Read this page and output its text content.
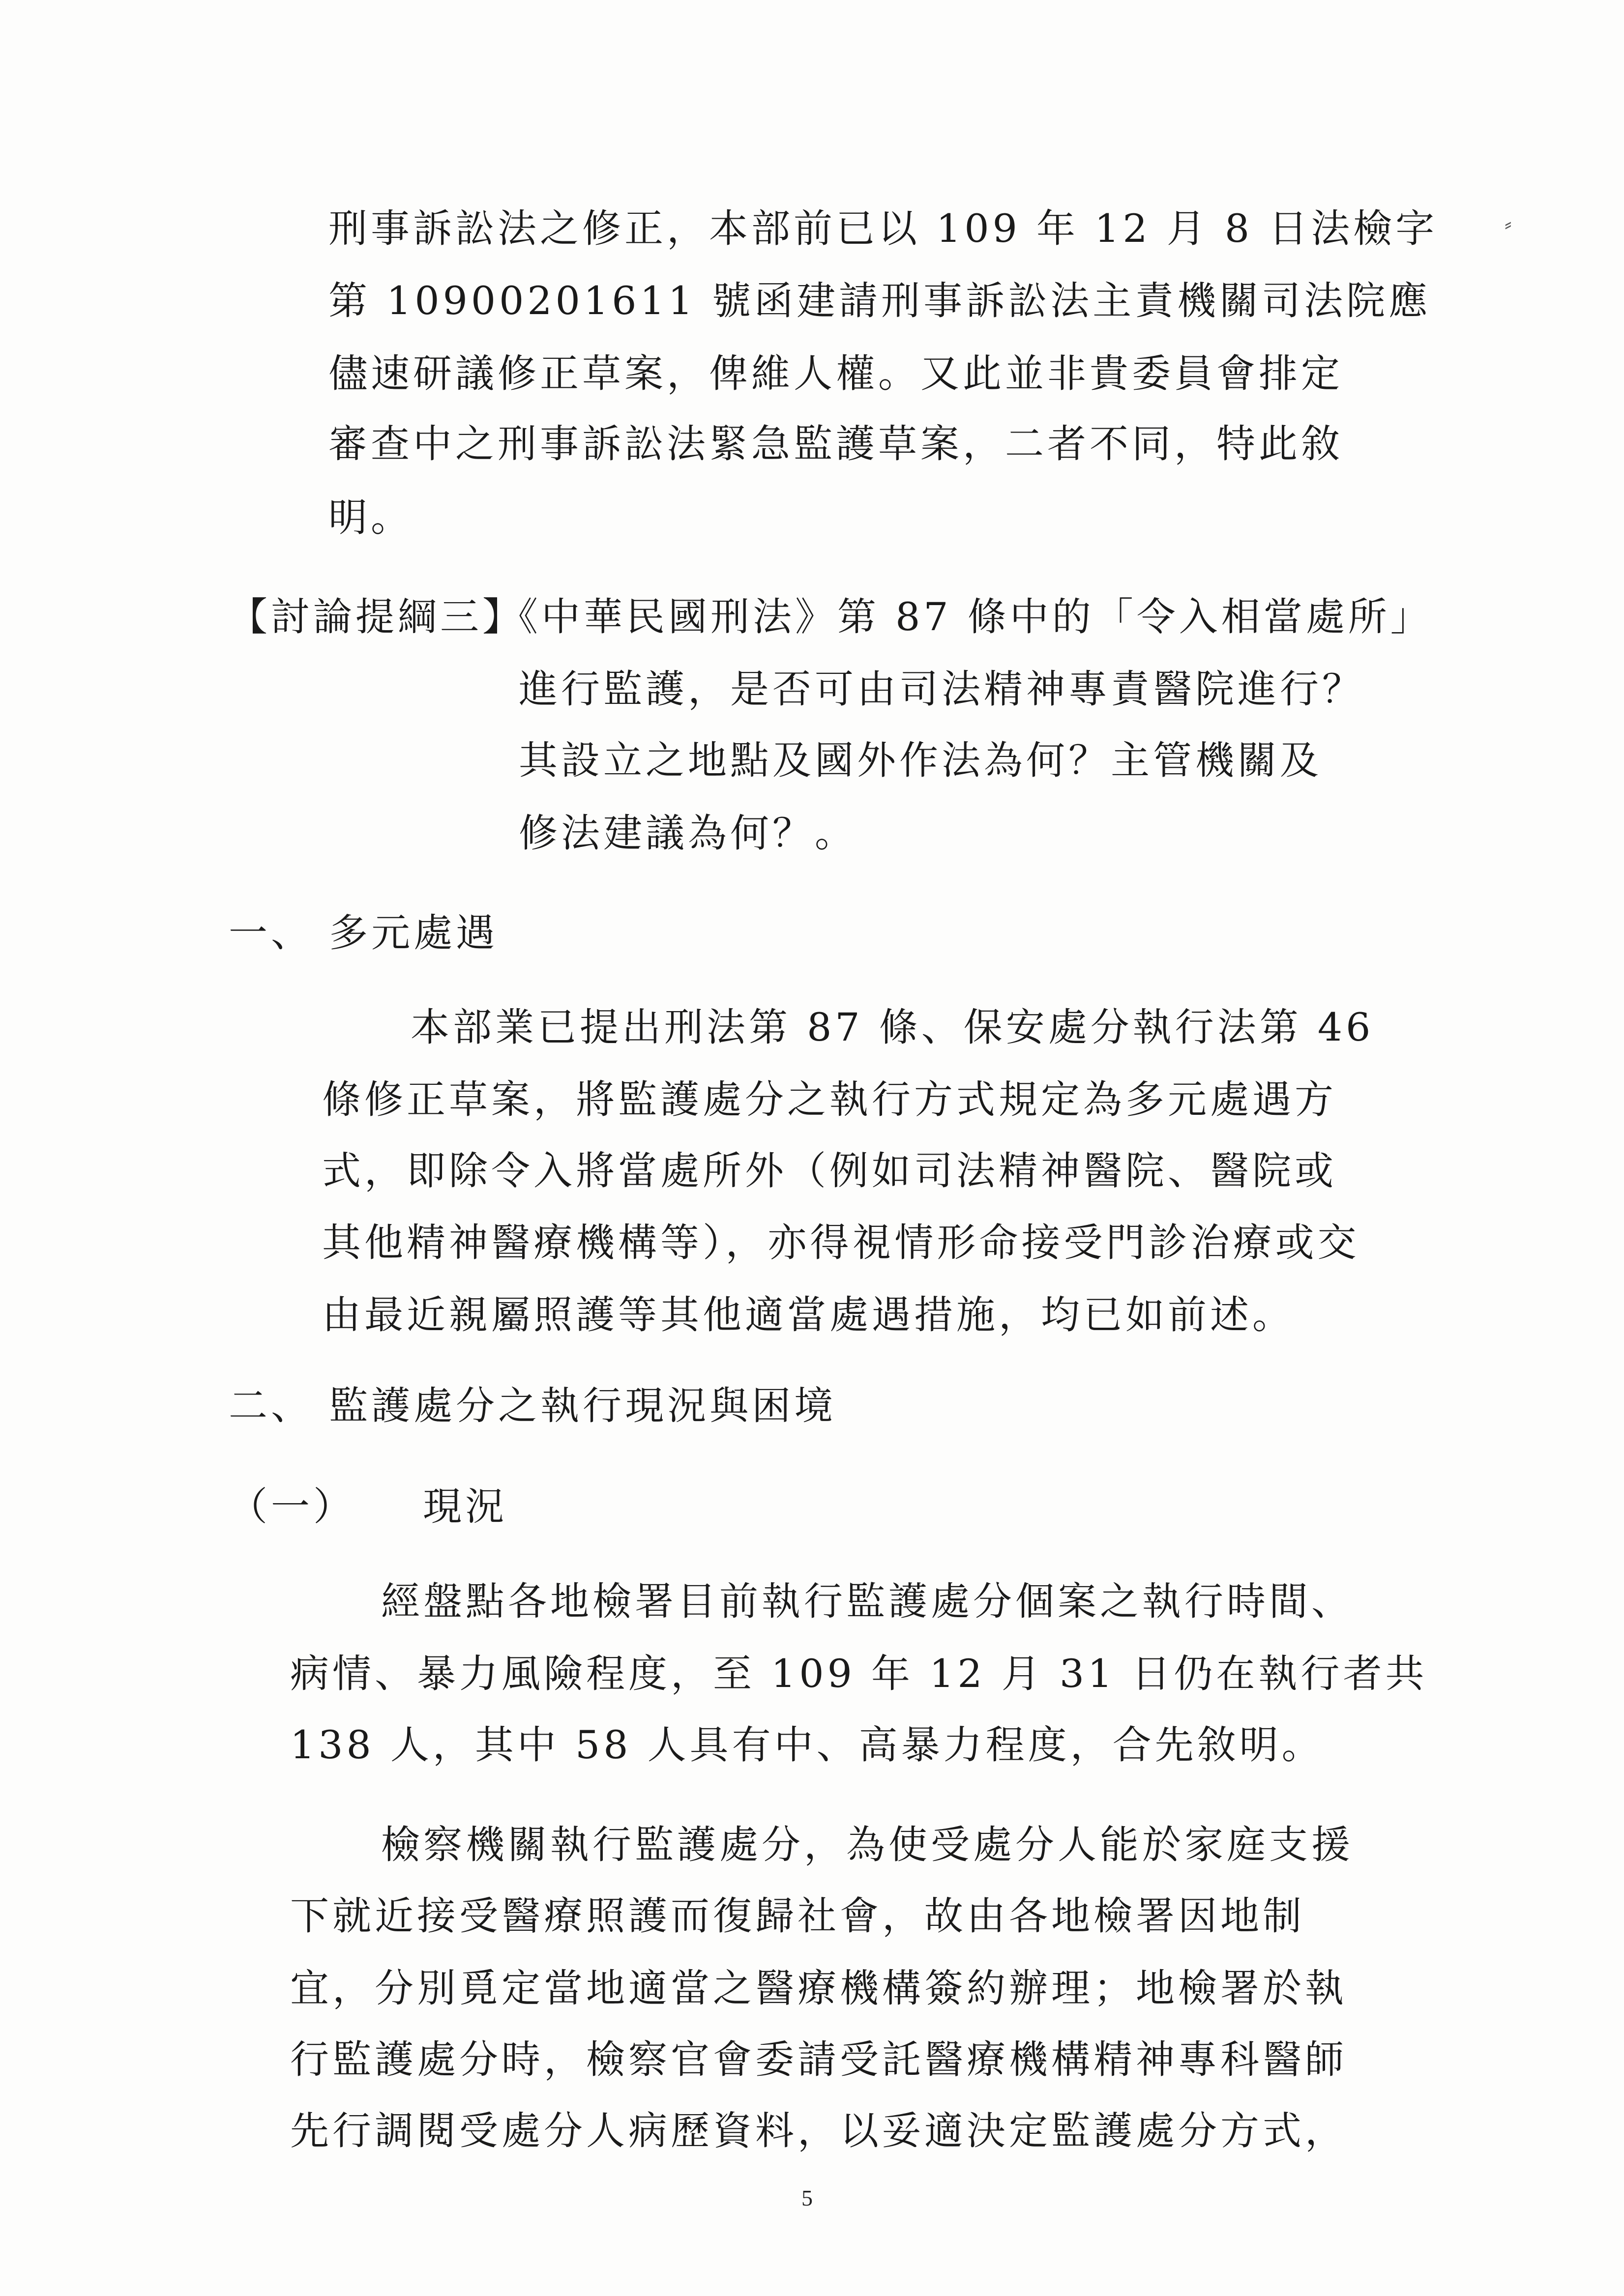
⸗
刑事訴訟法之修正，本部前已以 109 年 12 月 8 日法檢字
第 10900201611 號函建請刑事訴訟法主責機關司法院應
儘速研議修正草案，俾維人權。又此並非貴委員會排定
審查中之刑事訴訟法緊急監護草案，二者不同，特此敘
明。
【討論提綱三】
《中華民國刑法》第 87 條中的「令入相當處所」
進行監護，是否可由司法精神專責醫院進行？
其設立之地點及國外作法為何？主管機關及
修法建議為何？。
一、 多元處遇
本部業已提出刑法第 87 條、保安處分執行法第 46
條修正草案，將監護處分之執行方式規定為多元處遇方
式，即除令入將當處所外（例如司法精神醫院、醫院或
其他精神醫療機構等），亦得視情形命接受門診治療或交
由最近親屬照護等其他適當處遇措施，均已如前述。
二、 監護處分之執行現況與困境
（一） 現況
經盤點各地檢署目前執行監護處分個案之執行時間、
病情、暴力風險程度，至 109 年 12 月 31 日仍在執行者共
138 人，其中 58 人具有中、高暴力程度，合先敘明。
檢察機關執行監護處分，為使受處分人能於家庭支援
下就近接受醫療照護而復歸社會，故由各地檢署因地制
宜，分別覓定當地適當之醫療機構簽約辦理；地檢署於執
行監護處分時，檢察官會委請受託醫療機構精神專科醫師
先行調閱受處分人病歷資料，以妥適決定監護處分方式，
5
